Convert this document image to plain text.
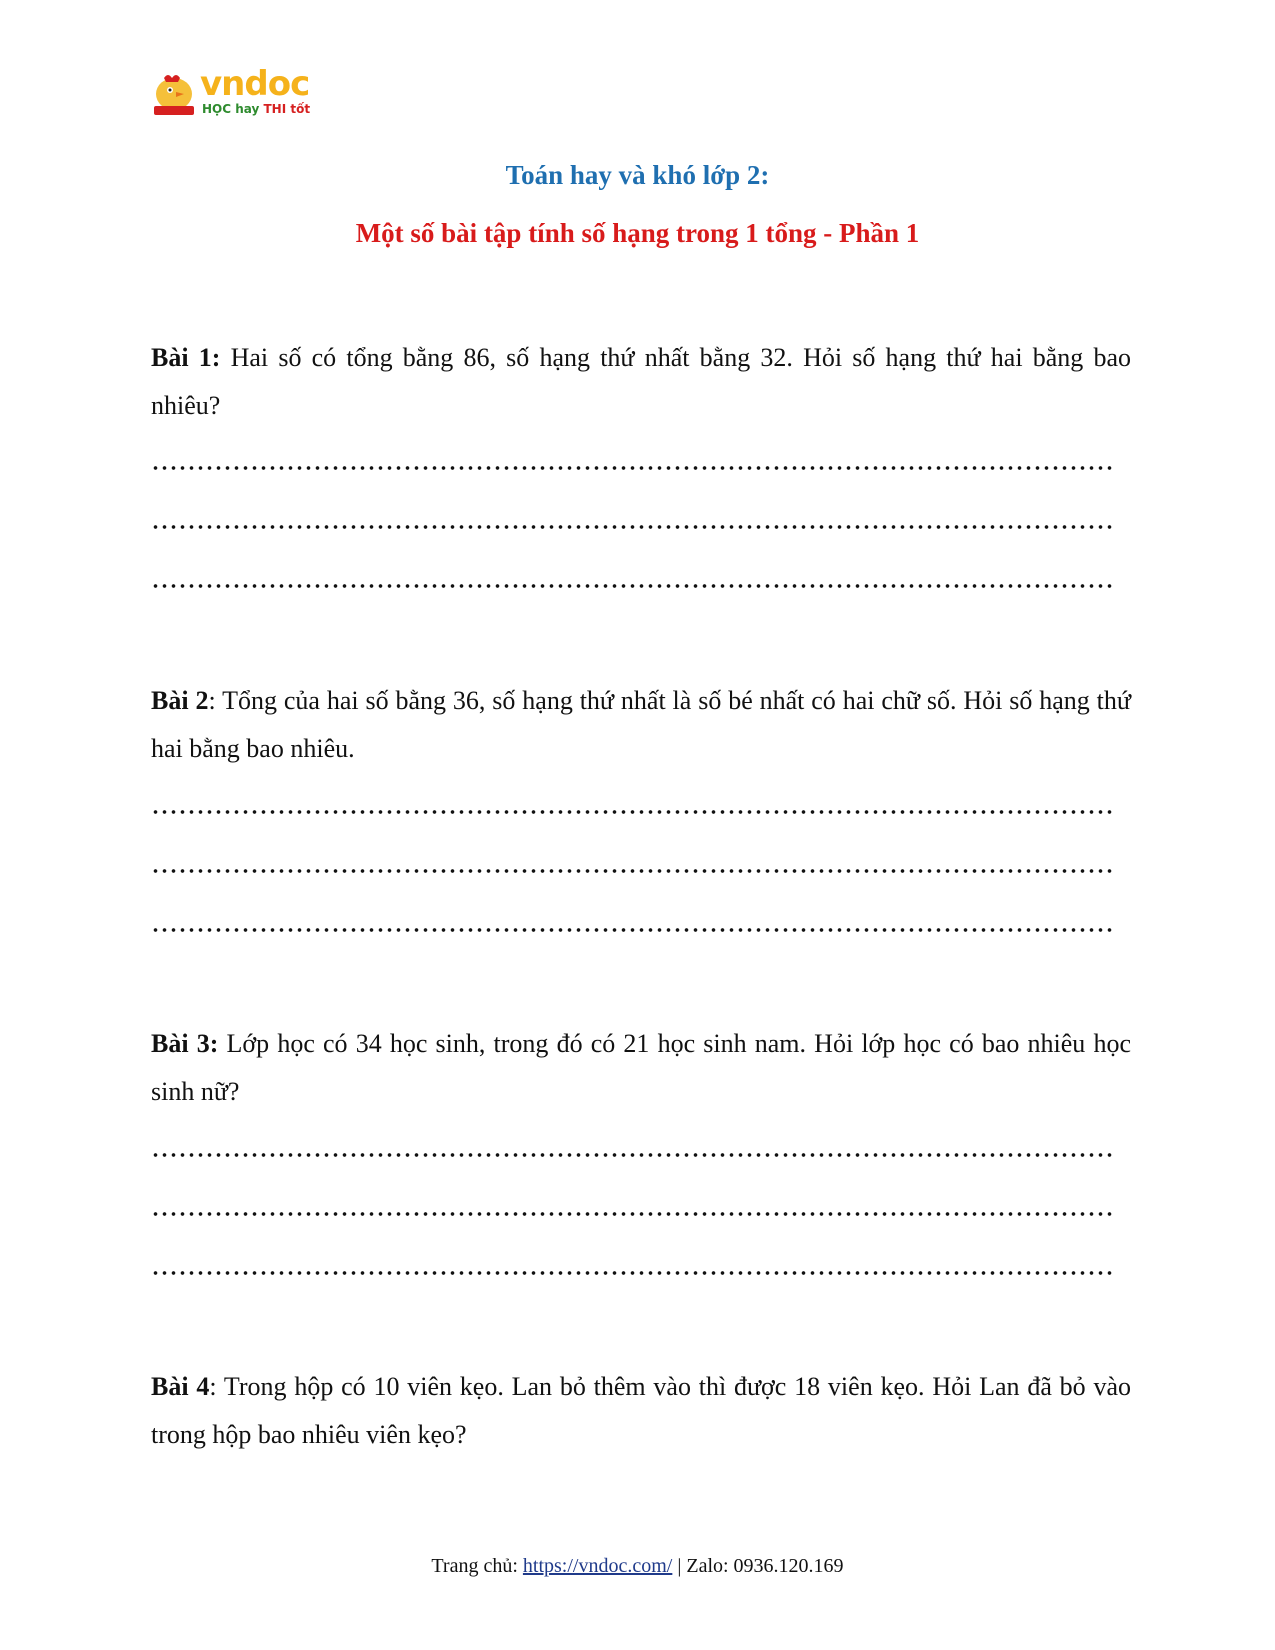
vndoc
HỌC hay THI tốt
Toán hay và khó lớp 2:
Một số bài tập tính số hạng trong 1 tổng - Phần 1
Bài 1: Hai số có tổng bằng 86, số hạng thứ nhất bằng 32. Hỏi số hạng thứ hai bằng bao nhiêu?
Bài 2: Tổng của hai số bằng 36, số hạng thứ nhất là số bé nhất có hai chữ số. Hỏi số hạng thứ hai bằng bao nhiêu.
Bài 3: Lớp học có 34 học sinh, trong đó có 21 học sinh nam. Hỏi lớp học có bao nhiêu học sinh nữ?
Bài 4: Trong hộp có 10 viên kẹo. Lan bỏ thêm vào thì được 18 viên kẹo. Hỏi Lan đã bỏ vào trong hộp bao nhiêu viên kẹo?
Trang chủ: https://vndoc.com/ | Zalo: 0936.120.169
